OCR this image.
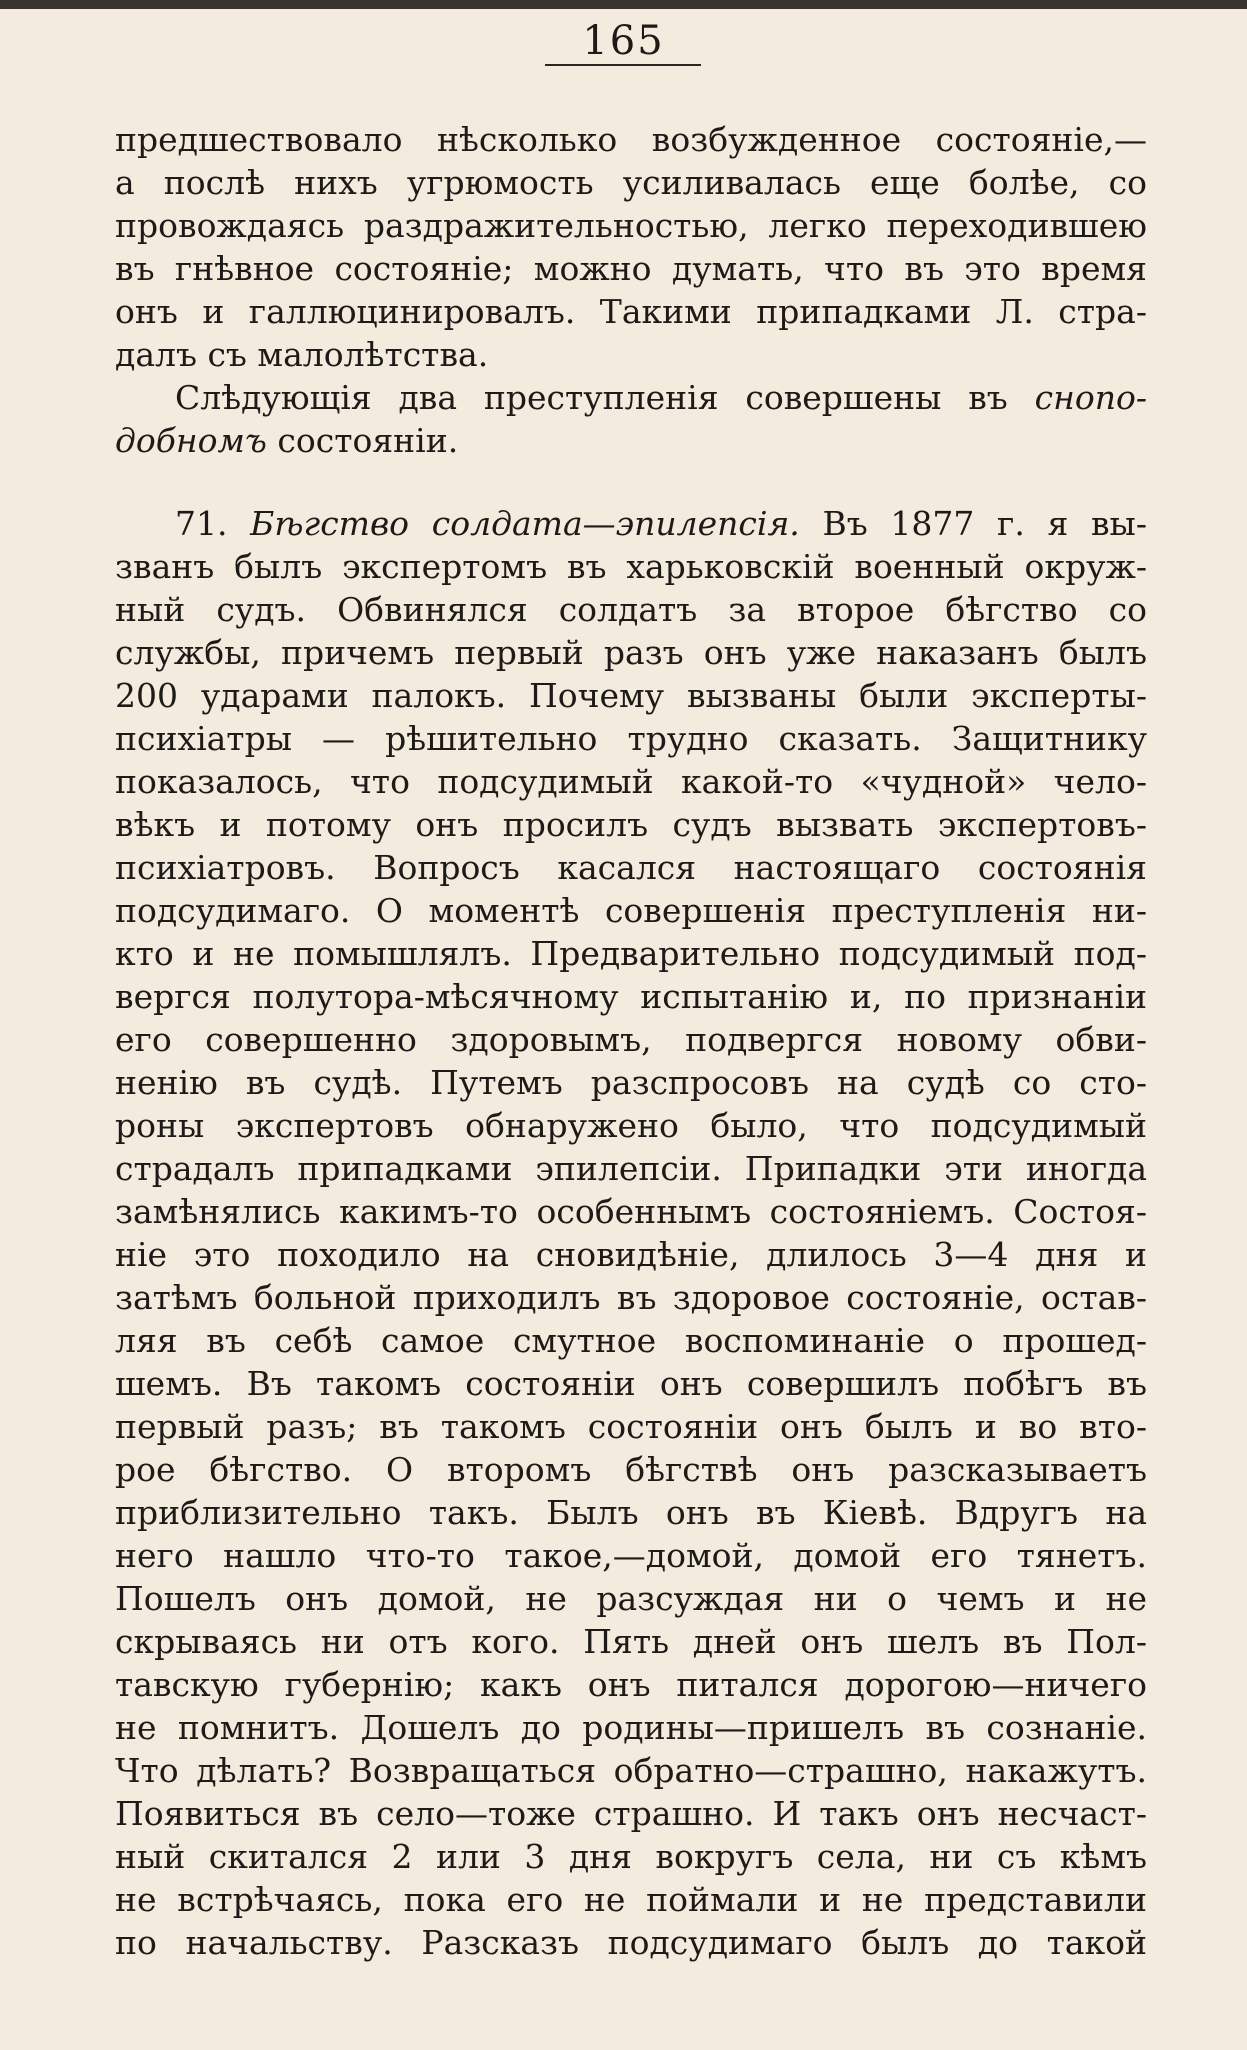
165
предшествовало нѣсколько возбужденное состояніе,—
а послѣ нихъ угрюмость усиливалась еще болѣе, со
провождаясь раздражительностью, легко переходившею
въ гнѣвное состояніе; можно думать, что въ это время
онъ и галлюцинировалъ. Такими припадками Л. стра-
далъ съ малолѣтства.
Слѣдующія два преступленія совершены въ снопо-
добномъ состояніи.
71. Бѣгство солдата—эпилепсія. Въ 1877 г. я вы-
званъ былъ экспертомъ въ харьковскій военный окруж-
ный судъ. Обвинялся солдатъ за второе бѣгство со
службы, причемъ первый разъ онъ уже наказанъ былъ
200 ударами палокъ. Почему вызваны были эксперты-
психіатры — рѣшительно трудно сказать. Защитнику
показалось, что подсудимый какой-то «чудной» чело-
вѣкъ и потому онъ просилъ судъ вызвать экспертовъ-
психіатровъ. Вопросъ касался настоящаго состоянія
подсудимаго. О моментѣ совершенія преступленія ни-
кто и не помышлялъ. Предварительно подсудимый под-
вергся полутора-мѣсячному испытанію и, по признаніи
его совершенно здоровымъ, подвергся новому обви-
ненію въ судѣ. Путемъ разспросовъ на судѣ со сто-
роны экспертовъ обнаружено было, что подсудимый
страдалъ припадками эпилепсіи. Припадки эти иногда
замѣнялись какимъ-то особеннымъ состояніемъ. Состоя-
ніе это походило на сновидѣніе, длилось 3—4 дня и
затѣмъ больной приходилъ въ здоровое состояніе, остав-
ляя въ себѣ самое смутное воспоминаніе о прошед-
шемъ. Въ такомъ состояніи онъ совершилъ побѣгъ въ
первый разъ; въ такомъ состояніи онъ былъ и во вто-
рое бѣгство. О второмъ бѣгствѣ онъ разсказываетъ
приблизительно такъ. Былъ онъ въ Кіевѣ. Вдругъ на
него нашло что-то такое,—домой, домой его тянетъ.
Пошелъ онъ домой, не разсуждая ни о чемъ и не
скрываясь ни отъ кого. Пять дней онъ шелъ въ Пол-
тавскую губернію; какъ онъ питался дорогою—ничего
не помнитъ. Дошелъ до родины—пришелъ въ сознаніе.
Что дѣлать? Возвращаться обратно—страшно, накажутъ.
Появиться въ село—тоже страшно. И такъ онъ несчаст-
ный скитался 2 или 3 дня вокругъ села, ни съ кѣмъ
не встрѣчаясь, пока его не поймали и не представили
по начальству. Разсказъ подсудимаго былъ до такой
